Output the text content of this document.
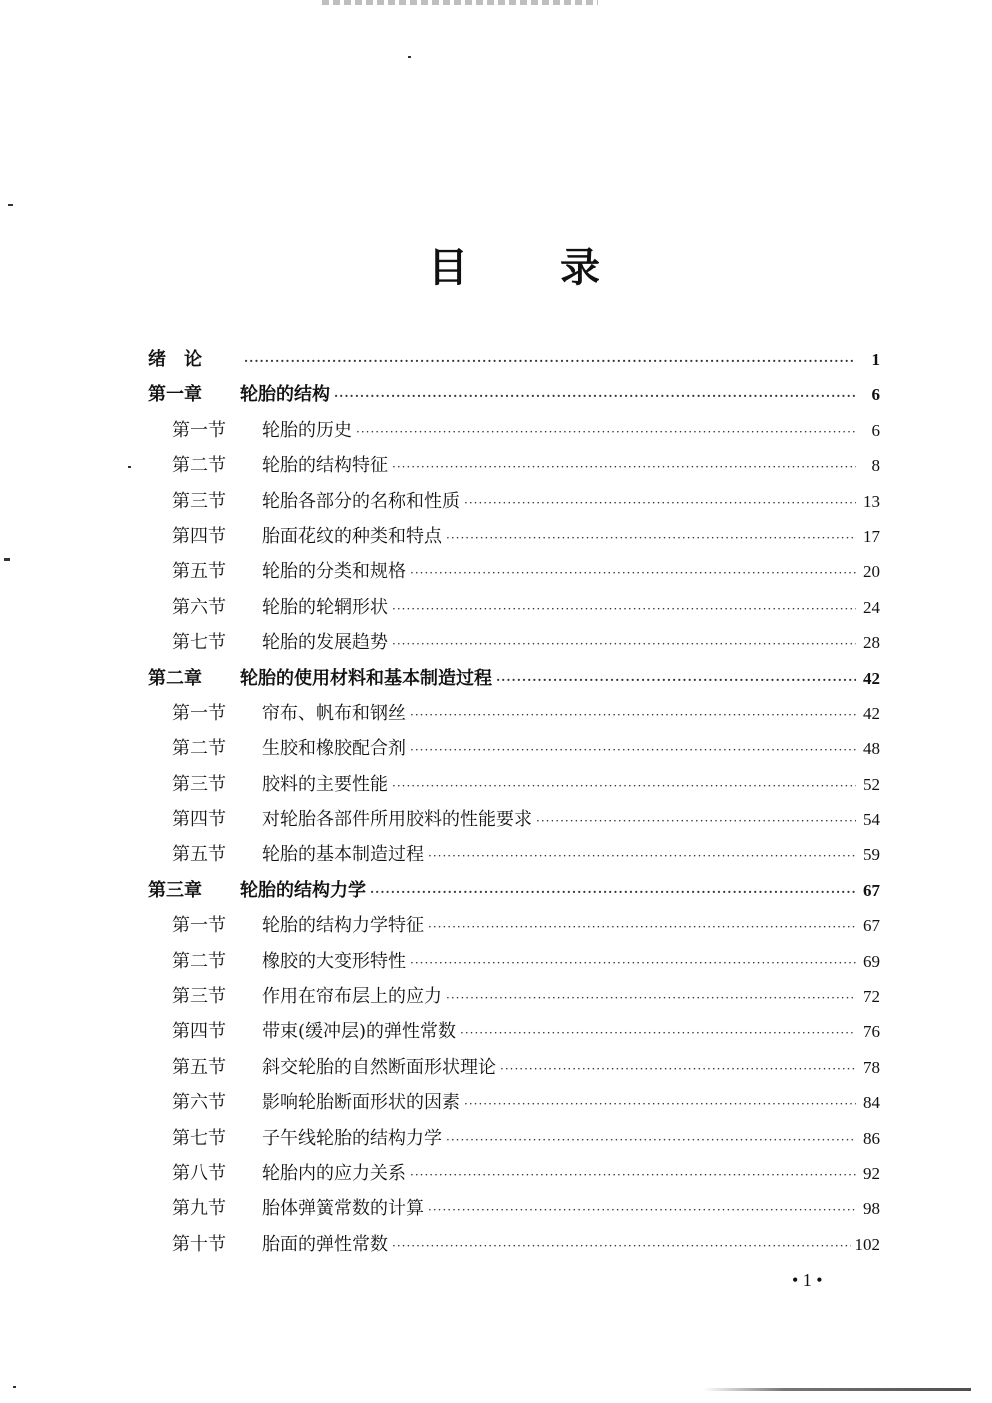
目 录
绪　论 ·····	1
第一章	轮胎的结构 ·····	6
第一节	轮胎的历史 ·····	6
第二节	轮胎的结构特征 ·····	8
第三节	轮胎各部分的名称和性质 ·····	13
第四节	胎面花纹的种类和特点 ·····	17
第五节	轮胎的分类和规格 ·····	20
第六节	轮胎的轮辋形状 ·····	24
第七节	轮胎的发展趋势 ·····	28
第二章	轮胎的使用材料和基本制造过程 ·····	42
第一节	帘布、帆布和钢丝 ·····	42
第二节	生胶和橡胶配合剂 ·····	48
第三节	胶料的主要性能 ·····	52
第四节	对轮胎各部件所用胶料的性能要求 ·····	54
第五节	轮胎的基本制造过程 ·····	59
第三章	轮胎的结构力学 ·····	67
第一节	轮胎的结构力学特征 ·····	67
第二节	橡胶的大变形特性 ·····	69
第三节	作用在帘布层上的应力 ·····	72
第四节	带束(缓冲层)的弹性常数 ·····	76
第五节	斜交轮胎的自然断面形状理论 ·····	78
第六节	影响轮胎断面形状的因素 ·····	84
第七节	子午线轮胎的结构力学 ·····	86
第八节	轮胎内的应力关系 ·····	92
第九节	胎体弹簧常数的计算 ·····	98
第十节	胎面的弹性常数 ·····	102
• 1 •
